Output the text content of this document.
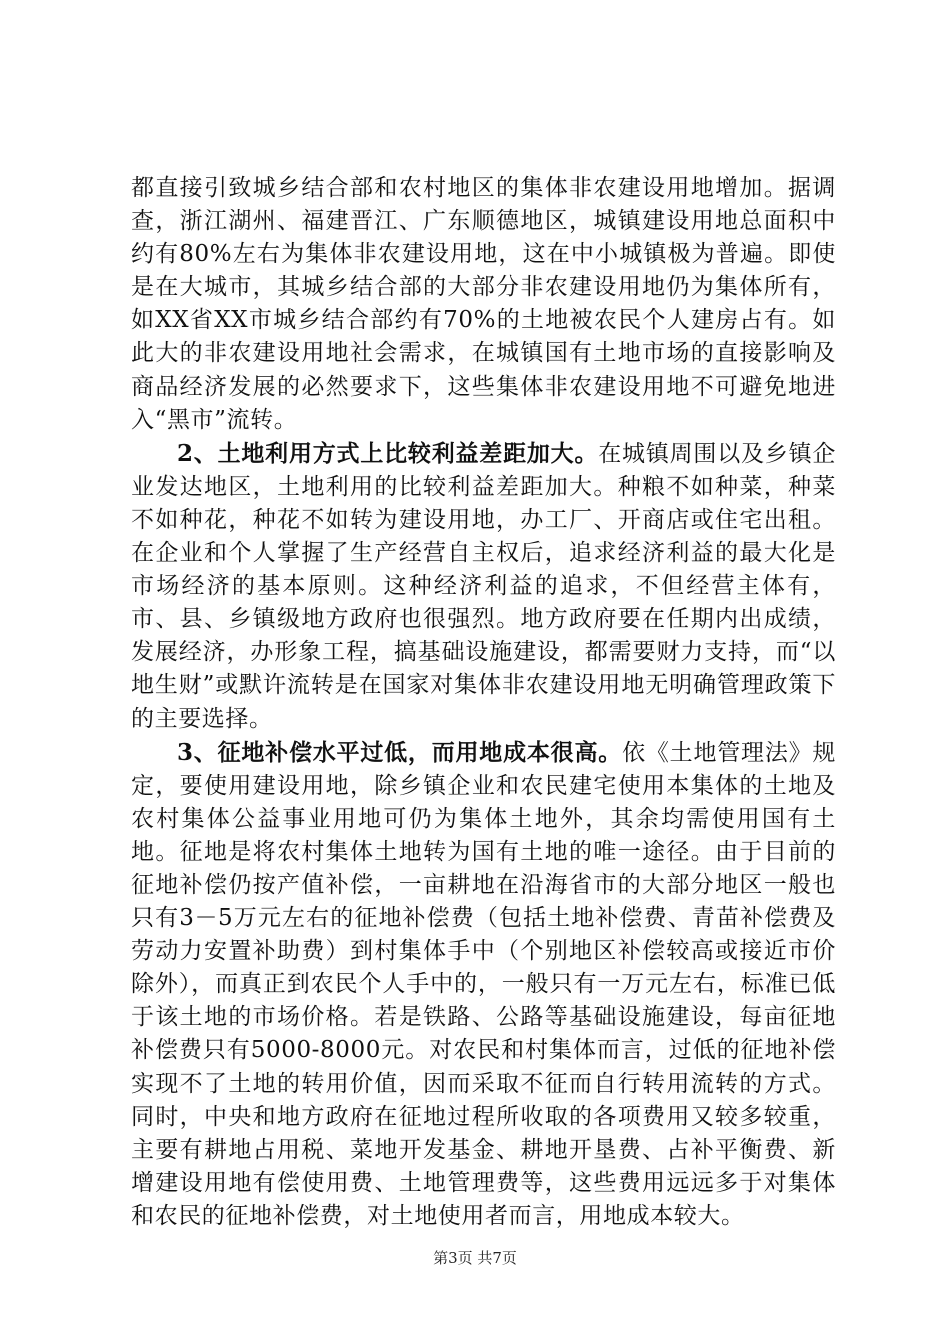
都直接引致城乡结合部和农村地区的集体非农建设用地增加。据调查，浙江湖州、福建晋江、广东顺德地区，城镇建设用地总面积中约有80%左右为集体非农建设用地，这在中小城镇极为普遍。即使是在大城市，其城乡结合部的大部分非农建设用地仍为集体所有，如XX省XX市城乡结合部约有70%的土地被农民个人建房占有。如此大的非农建设用地社会需求，在城镇国有土地市场的直接影响及商品经济发展的必然要求下，这些集体非农建设用地不可避免地进入“黑市”流转。

2、土地利用方式上比较利益差距加大。在城镇周围以及乡镇企业发达地区，土地利用的比较利益差距加大。种粮不如种菜，种菜不如种花，种花不如转为建设用地，办工厂、开商店或住宅出租。在企业和个人掌握了生产经营自主权后，追求经济利益的最大化是市场经济的基本原则。这种经济利益的追求，不但经营主体有，市、县、乡镇级地方政府也很强烈。地方政府要在任期内出成绩，发展经济，办形象工程，搞基础设施建设，都需要财力支持，而“以地生财”或默许流转是在国家对集体非农建设用地无明确管理政策下的主要选择。

3、征地补偿水平过低，而用地成本很高。依《土地管理法》规定，要使用建设用地，除乡镇企业和农民建宅使用本集体的土地及农村集体公益事业用地可仍为集体土地外，其余均需使用国有土地。征地是将农村集体土地转为国有土地的唯一途径。由于目前的征地补偿仍按产值补偿，一亩耕地在沿海省市的大部分地区一般也只有3－5万元左右的征地补偿费（包括土地补偿费、青苗补偿费及劳动力安置补助费）到村集体手中（个别地区补偿较高或接近市价除外），而真正到农民个人手中的，一般只有一万元左右，标准已低于该土地的市场价格。若是铁路、公路等基础设施建设，每亩征地补偿费只有5000-8000元。对农民和村集体而言，过低的征地补偿实现不了土地的转用价值，因而采取不征而自行转用流转的方式。同时，中央和地方政府在征地过程所收取的各项费用又较多较重，主要有耕地占用税、菜地开发基金、耕地开垦费、占补平衡费、新增建设用地有偿使用费、土地管理费等，这些费用远远多于对集体和农民的征地补偿费，对土地使用者而言，用地成本较大。

第3页 共7页
